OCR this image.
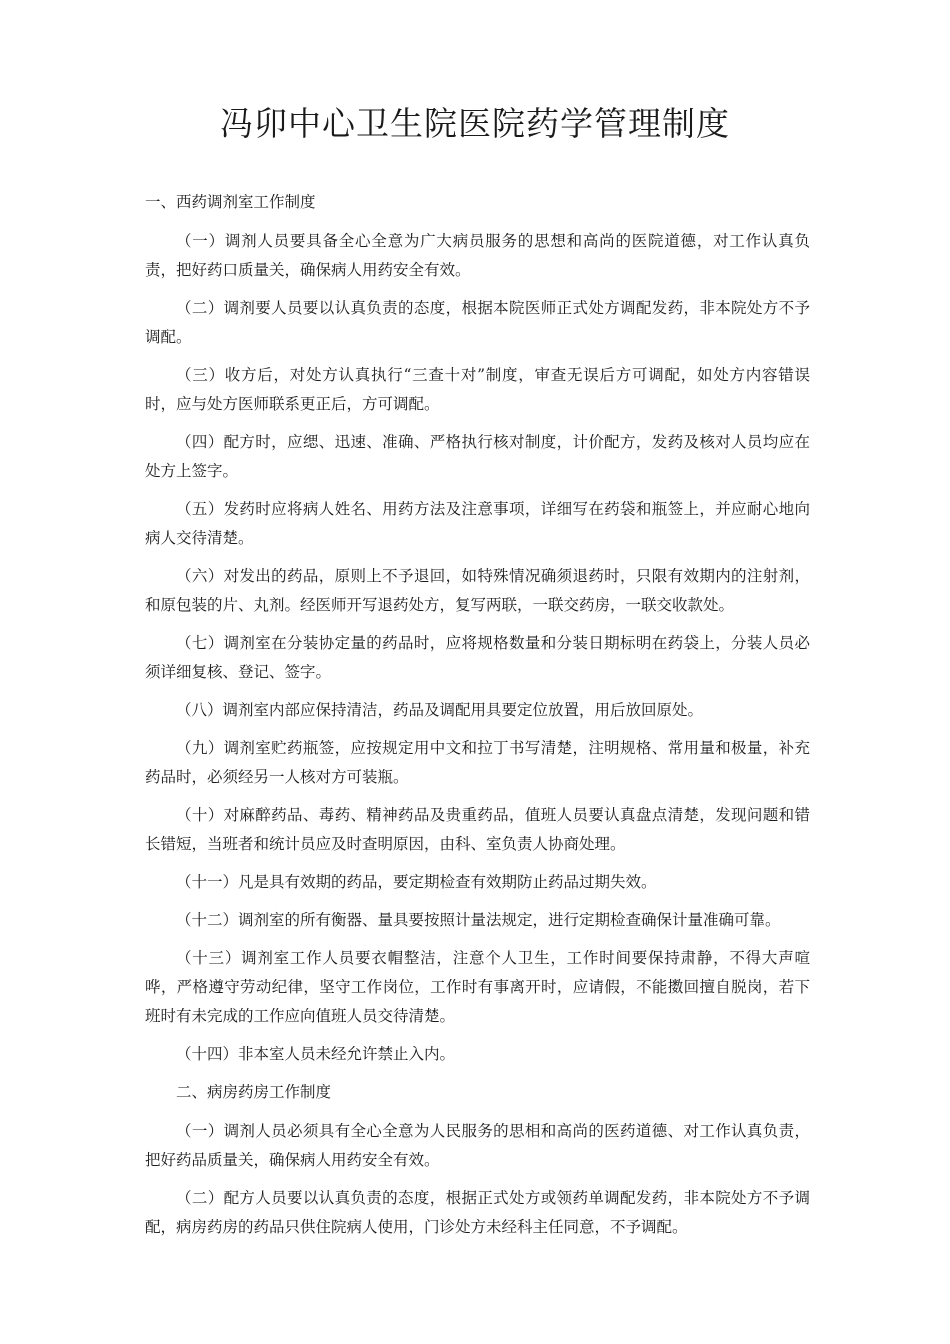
冯卯中心卫生院医院药学管理制度

一、西药调剂室工作制度

（一）调剂人员要具备全心全意为广大病员服务的思想和高尚的医院道德，对工作认真负责，把好药口质量关，确保病人用药安全有效。

（二）调剂要人员要以认真负责的态度，根据本院医师正式处方调配发药，非本院处方不予调配。

（三）收方后，对处方认真执行“三查十对”制度，审查无误后方可调配，如处方内容错误时，应与处方医师联系更正后，方可调配。

（四）配方时，应缌、迅速、准确、严格执行核对制度，计价配方，发药及核对人员均应在处方上签字。

（五）发药时应将病人姓名、用药方法及注意事项，详细写在药袋和瓶签上，并应耐心地向病人交待清楚。

（六）对发出的药品，原则上不予退回，如特殊情况确须退药时，只限有效期内的注射剂，和原包装的片、丸剂。经医师开写退药处方，复写两联，一联交药房，一联交收款处。

（七）调剂室在分装协定量的药品时，应将规格数量和分装日期标明在药袋上，分装人员必须详细复核、登记、签字。

（八）调剂室内部应保持清洁，药品及调配用具要定位放置，用后放回原处。

（九）调剂室贮药瓶签，应按规定用中文和拉丁书写清楚，注明规格、常用量和极量，补充药品时，必须经另一人核对方可装瓶。

（十）对麻醉药品、毒药、精神药品及贵重药品，值班人员要认真盘点清楚，发现问题和错长错短，当班者和统计员应及时查明原因，由科、室负责人协商处理。

（十一）凡是具有效期的药品，要定期检查有效期防止药品过期失效。

（十二）调剂室的所有衡器、量具要按照计量法规定，进行定期检查确保计量准确可靠。

（十三）调剂室工作人员要衣帽整洁，注意个人卫生，工作时间要保持肃静，不得大声喧哗，严格遵守劳动纪律，坚守工作岗位，工作时有事离开时，应请假，不能擞回擅自脱岗，若下班时有未完成的工作应向值班人员交待清楚。

（十四）非本室人员未经允许禁止入内。

二、病房药房工作制度

（一）调剂人员必须具有全心全意为人民服务的思相和高尚的医药道德、对工作认真负责，把好药品质量关，确保病人用药安全有效。

（二）配方人员要以认真负责的态度，根据正式处方或领药单调配发药，非本院处方不予调配，病房药房的药品只供住院病人使用，门诊处方未经科主任同意，不予调配。
